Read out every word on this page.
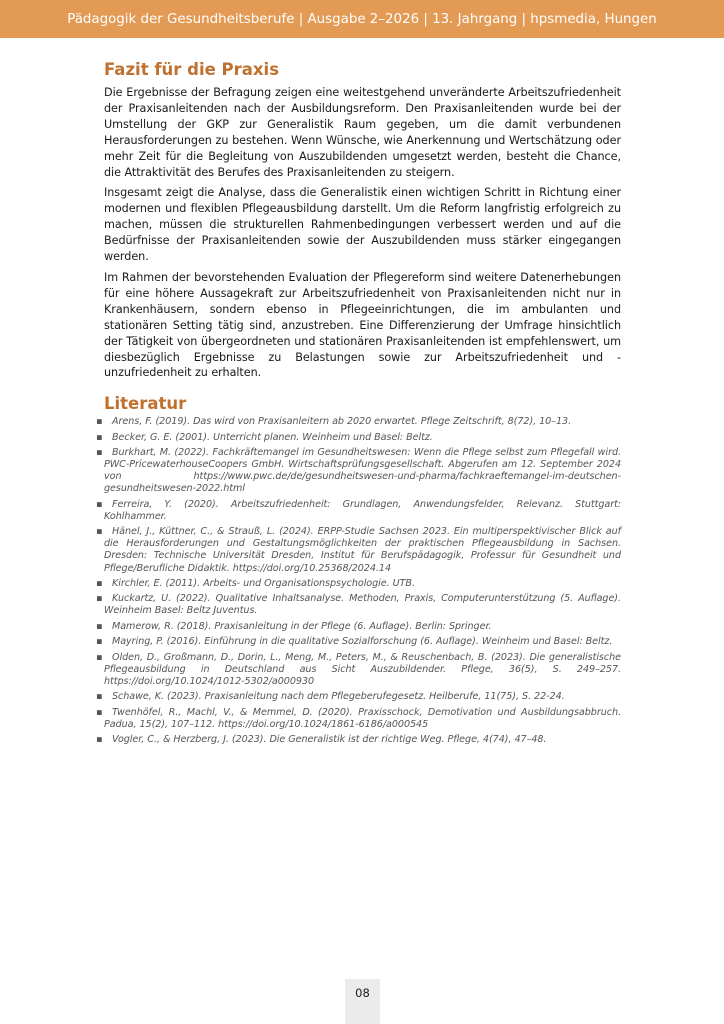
Pädagogik der Gesundheitsberufe | Ausgabe 2–2026 | 13. Jahrgang | hpsmedia, Hungen
Fazit für die Praxis

Die Ergebnisse der Befragung zeigen eine weitestgehend unveränderte Arbeitszufriedenheit der Praxisanleitenden nach der Ausbildungsreform. Den Praxisanleitenden wurde bei der Umstellung der GKP zur Generalistik Raum gegeben, um die damit verbundenen Herausforderungen zu bestehen. Wenn Wünsche, wie Anerkennung und Wertschätzung oder mehr Zeit für die Begleitung von Auszubildenden umgesetzt werden, besteht die Chance, die Attraktivität des Berufes des Praxisanleitenden zu steigern.

Insgesamt zeigt die Analyse, dass die Generalistik einen wichtigen Schritt in Richtung einer modernen und flexiblen Pflegeausbildung darstellt. Um die Reform langfristig erfolgreich zu machen, müssen die strukturellen Rahmenbedingungen verbessert werden und auf die Bedürfnisse der Praxisanleitenden sowie der Auszubildenden muss stärker eingegangen werden.

Im Rahmen der bevorstehenden Evaluation der Pflegereform sind weitere Datenerhebungen für eine höhere Aussagekraft zur Arbeitszufriedenheit von Praxisanleitenden nicht nur in Krankenhäusern, sondern ebenso in Pflegeeinrichtungen, die im ambulanten und stationären Setting tätig sind, anzustreben. Eine Differenzierung der Umfrage hinsichtlich der Tätigkeit von übergeordneten und stationären Praxisanleitenden ist empfehlenswert, um diesbezüglich Ergebnisse zu Belastungen sowie zur Arbeitszufriedenheit und -unzufriedenheit zu erhalten.

Literatur
▪ Arens, F. (2019). Das wird von Praxisanleitern ab 2020 erwartet. Pflege Zeitschrift, 8(72), 10–13.
▪ Becker, G. E. (2001). Unterricht planen. Weinheim und Basel: Beltz.
▪ Burkhart, M. (2022). Fachkräftemangel im Gesundheitswesen: Wenn die Pflege selbst zum Pflegefall wird. PWC-PricewaterhouseCoopers GmbH. Wirtschaftsprüfungsgesellschaft. Abgerufen am 12. September 2024 von https://www.pwc.de/de/gesundheitswesen-und-pharma/fachkraeftemangel-im-deutschen-gesundheitswesen-2022.html
▪ Ferreira, Y. (2020). Arbeitszufriedenheit: Grundlagen, Anwendungsfelder, Relevanz. Stuttgart: Kohlhammer.
▪ Hänel, J., Küttner, C., & Strauß, L. (2024). ERPP-Studie Sachsen 2023. Ein multiperspektivischer Blick auf die Herausforderungen und Gestaltungsmöglichkeiten der praktischen Pflegeausbildung in Sachsen. Dresden: Technische Universität Dresden, Institut für Berufspädagogik, Professur für Gesundheit und Pflege/Berufliche Didaktik. https://doi.org/10.25368/2024.14
▪ Kirchler, E. (2011). Arbeits- und Organisationspsychologie. UTB.
▪ Kuckartz, U. (2022). Qualitative Inhaltsanalyse. Methoden, Praxis, Computerunterstützung (5. Auflage). Weinheim Basel: Beltz Juventus.
▪ Mamerow, R. (2018). Praxisanleitung in der Pflege (6. Auflage). Berlin: Springer.
▪ Mayring, P. (2016). Einführung in die qualitative Sozialforschung (6. Auflage). Weinheim und Basel: Beltz.
▪ Olden, D., Großmann, D., Dorin, L., Meng, M., Peters, M., & Reuschenbach, B. (2023). Die generalistische Pflegeausbildung in Deutschland aus Sicht Auszubildender. Pflege, 36(5), S. 249–257. https://doi.org/10.1024/1012-5302/a000930
▪ Schawe, K. (2023). Praxisanleitung nach dem Pflegeberufegesetz. Heilberufe, 11(75), S. 22-24.
▪ Twenhöfel, R., Machl, V., & Memmel, D. (2020). Praxisschock, Demotivation und Ausbildungsabbruch. Padua, 15(2), 107–112. https://doi.org/10.1024/1861-6186/a000545
▪ Vogler, C., & Herzberg, J. (2023). Die Generalistik ist der richtige Weg. Pflege, 4(74), 47–48.
08
